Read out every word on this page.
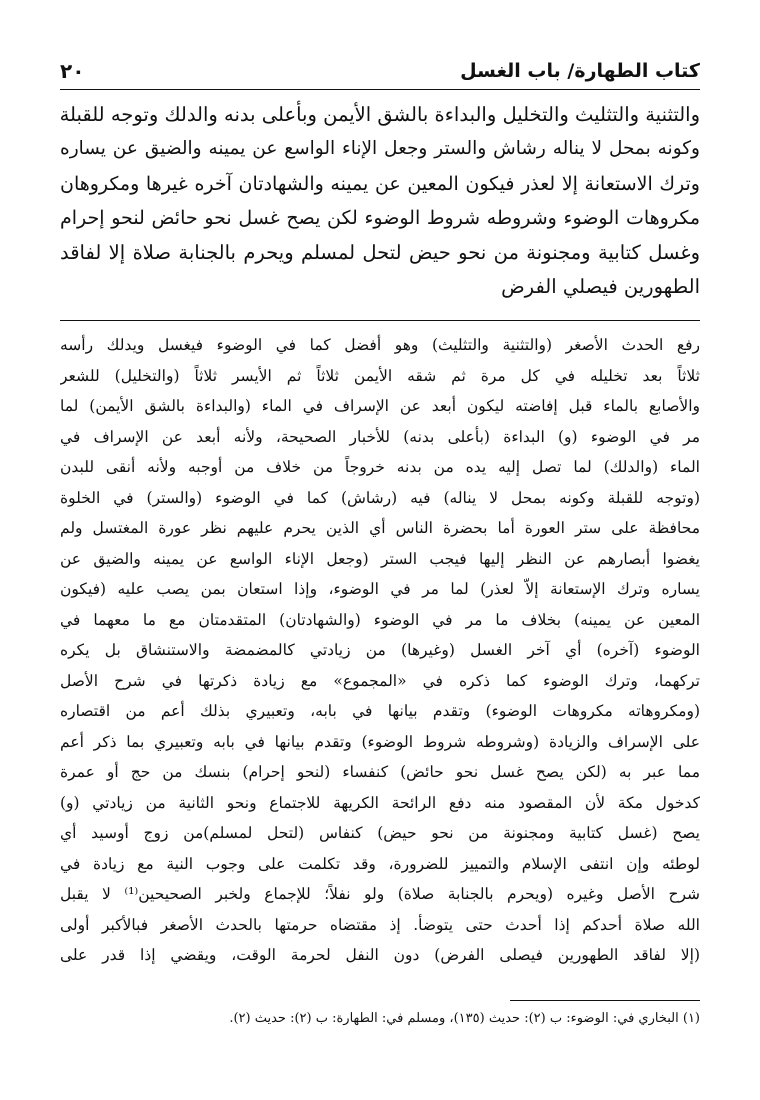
كتاب الطهارة/ باب الغسل
٢٠
والتثنية والتثليث والتخليل والبداءة بالشق الأيمن وبأعلى بدنه والدلك وتوجه للقبلة
وكونه بمحل لا يناله رشاش والستر وجعل الإناء الواسع عن يمينه والضيق عن يساره
وترك الاستعانة إلا لعذر فيكون المعين عن يمينه والشهادتان آخره غيرها ومكروهان
مكروهات الوضوء وشروطه شروط الوضوء لكن يصح غسل نحو حائض لنحو إحرام
وغسل كتابية ومجنونة من نحو حيض لتحل لمسلم ويحرم بالجنابة صلاة إلا لفاقد
الطهورين فيصلي الفرض
رفع الحدث الأصغر (والتثنية والتثليث) وهو أفضل كما في الوضوء فيغسل ويدلك رأسه
ثلاثاً بعد تخليله في كل مرة ثم شقه الأيمن ثلاثاً ثم الأيسر ثلاثاً (والتخليل) للشعر
والأصابع بالماء قبل إفاضته ليكون أبعد عن الإسراف في الماء (والبداءة بالشق الأيمن) لما
مر في الوضوء (و) البداءة (بأعلى بدنه) للأخبار الصحيحة، ولأنه أبعد عن الإسراف في
الماء (والدلك) لما تصل إليه يده من بدنه خروجاً من خلاف من أوجبه ولأنه أنقى للبدن
(وتوجه للقبلة وكونه بمحل لا يناله) فيه (رشاش) كما في الوضوء (والستر) في الخلوة
محافظة على ستر العورة أما بحضرة الناس أي الذين يحرم عليهم نظر عورة المغتسل ولم
يغضوا أبصارهم عن النظر إليها فيجب الستر (وجعل الإناء الواسع عن يمينه والضيق عن
يساره وترك الإستعانة إلاّ لعذر) لما مر في الوضوء، وإذا استعان بمن يصب عليه (فيكون
المعين عن يمينه) بخلاف ما مر في الوضوء (والشهادتان) المتقدمتان مع ما معهما في
الوضوء (آخره) أي آخر الغسل (وغيرها) من زيادتي كالمضمضة والاستنشاق بل يكره
تركهما، وترك الوضوء كما ذكره في «المجموع» مع زيادة ذكرتها في شرح الأصل
(ومكروهاته مكروهات الوضوء) وتقدم بيانها في بابه، وتعبيري بذلك أعم من اقتصاره
على الإسراف والزيادة (وشروطه شروط الوضوء) وتقدم بيانها في بابه وتعبيري بما ذكر أعم
مما عبر به (لكن يصح غسل نحو حائض) كنفساء (لنحو إحرام) بنسك من حج أو عمرة
كدخول مكة لأن المقصود منه دفع الرائحة الكريهة للاجتماع ونحو الثانية من زيادتي (و)
يصح (غسل كتابية ومجنونة من نحو حيض) كنفاس (لتحل لمسلم)من زوج أوسيد أي
لوطئه وإن انتفى الإسلام والتمييز للضرورة، وقد تكلمت على وجوب النية مع زيادة في
شرح الأصل وغيره (ويحرم بالجنابة صلاة) ولو نفلاً؛ للإجماع ولخبر الصحيحين⁽¹⁾ لا يقبل
الله صلاة أحدكم إذا أحدث حتى يتوضأ. إذ مقتضاه حرمتها بالحدث الأصغر فبالأكبر أولى
(إلا لفاقد الطهورين فيصلى الفرض) دون النفل لحرمة الوقت، ويقضي إذا قدر على
(١) البخاري في: الوضوء: ب (٢): حديث (١٣٥)، ومسلم في: الطهارة: ب (٢): حديث (٢).
